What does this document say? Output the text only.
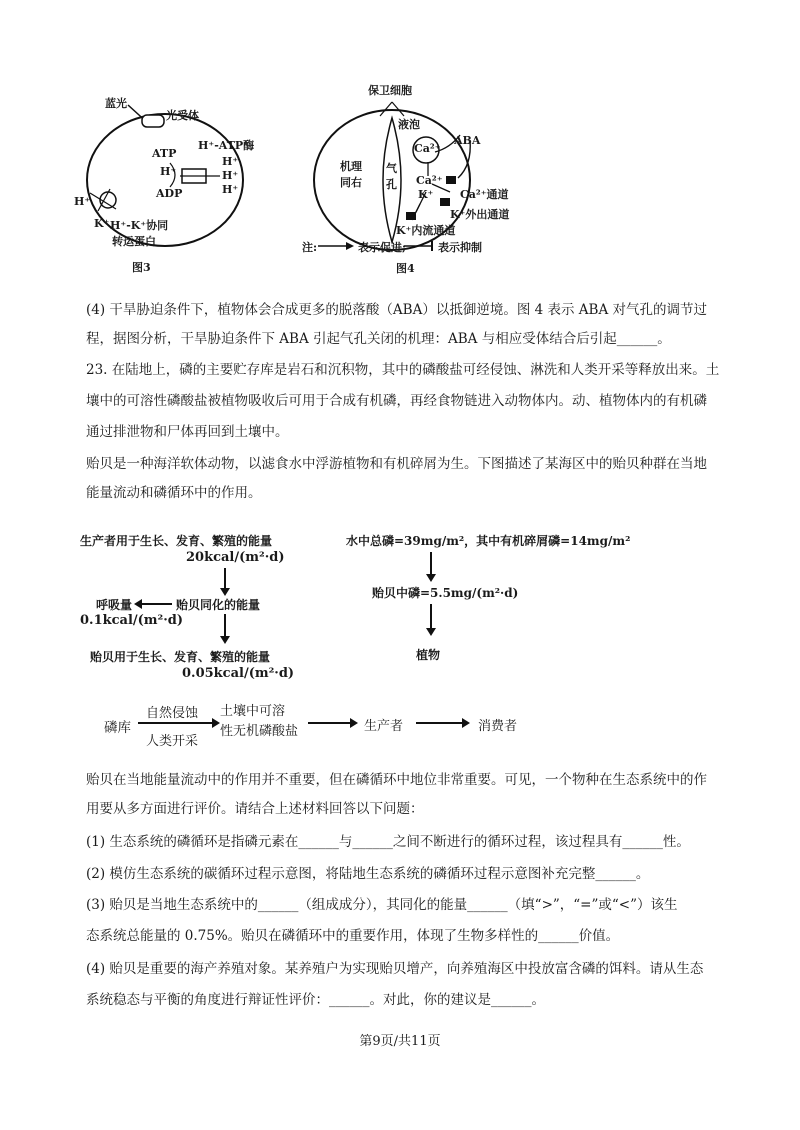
蓝光
光受体
H⁺-ATP酶
ATP
H⁺
ADP
H⁺
H⁺
H⁺
H⁺
K⁺ H⁺-K⁺协同
转运蛋白
图3
保卫细胞
液泡
机理
同右
气
孔
Ca²⁺
ABA
Ca²⁺
Ca²⁺通道
K⁺
K⁺外出通道
K⁺内流通道
注:	表示促进;	表示抑制
图4
(4) 干旱胁迫条件下，植物体会合成更多的脱落酸（ABA）以抵御逆境。图 4 表示 ABA 对气孔的调节过
程，据图分析，干旱胁迫条件下 ABA 引起气孔关闭的机理：ABA 与相应受体结合后引起______。
23. 在陆地上，磷的主要贮存库是岩石和沉积物，其中的磷酸盐可经侵蚀、淋洗和人类开采等释放出来。土
壤中的可溶性磷酸盐被植物吸收后可用于合成有机磷，再经食物链进入动物体内。动、植物体内的有机磷
通过排泄物和尸体再回到土壤中。
贻贝是一种海洋软体动物，以滤食水中浮游植物和有机碎屑为生。下图描述了某海区中的贻贝种群在当地
能量流动和磷循环中的作用。
生产者用于生长、发育、繁殖的能量
20kcal/(m²·d)
贻贝同化的能量
呼吸量
0.1kcal/(m²·d)
贻贝用于生长、发育、繁殖的能量
0.05kcal/(m²·d)
水中总磷=39mg/m²，其中有机碎屑磷=14mg/m²
贻贝中磷=5.5mg/(m²·d)
植物
磷库
自然侵蚀
人类开采
土壤中可溶
性无机磷酸盐	生产者	消费者
贻贝在当地能量流动中的作用并不重要，但在磷循环中地位非常重要。可见，一个物种在生态系统中的作
用要从多方面进行评价。请结合上述材料回答以下问题：
(1) 生态系统的磷循环是指磷元素在______与______之间不断进行的循环过程，该过程具有______性。
(2) 模仿生态系统的碳循环过程示意图，将陆地生态系统的磷循环过程示意图补充完整______。
(3) 贻贝是当地生态系统中的______（组成成分），其同化的能量______（填“>”，“=”或“<”）该生
态系统总能量的 0.75%。贻贝在磷循环中的重要作用，体现了生物多样性的______价值。
(4) 贻贝是重要的海产养殖对象。某养殖户为实现贻贝增产，向养殖海区中投放富含磷的饵料。请从生态
系统稳态与平衡的角度进行辩证性评价：______。对此，你的建议是______。
第9页/共11页
